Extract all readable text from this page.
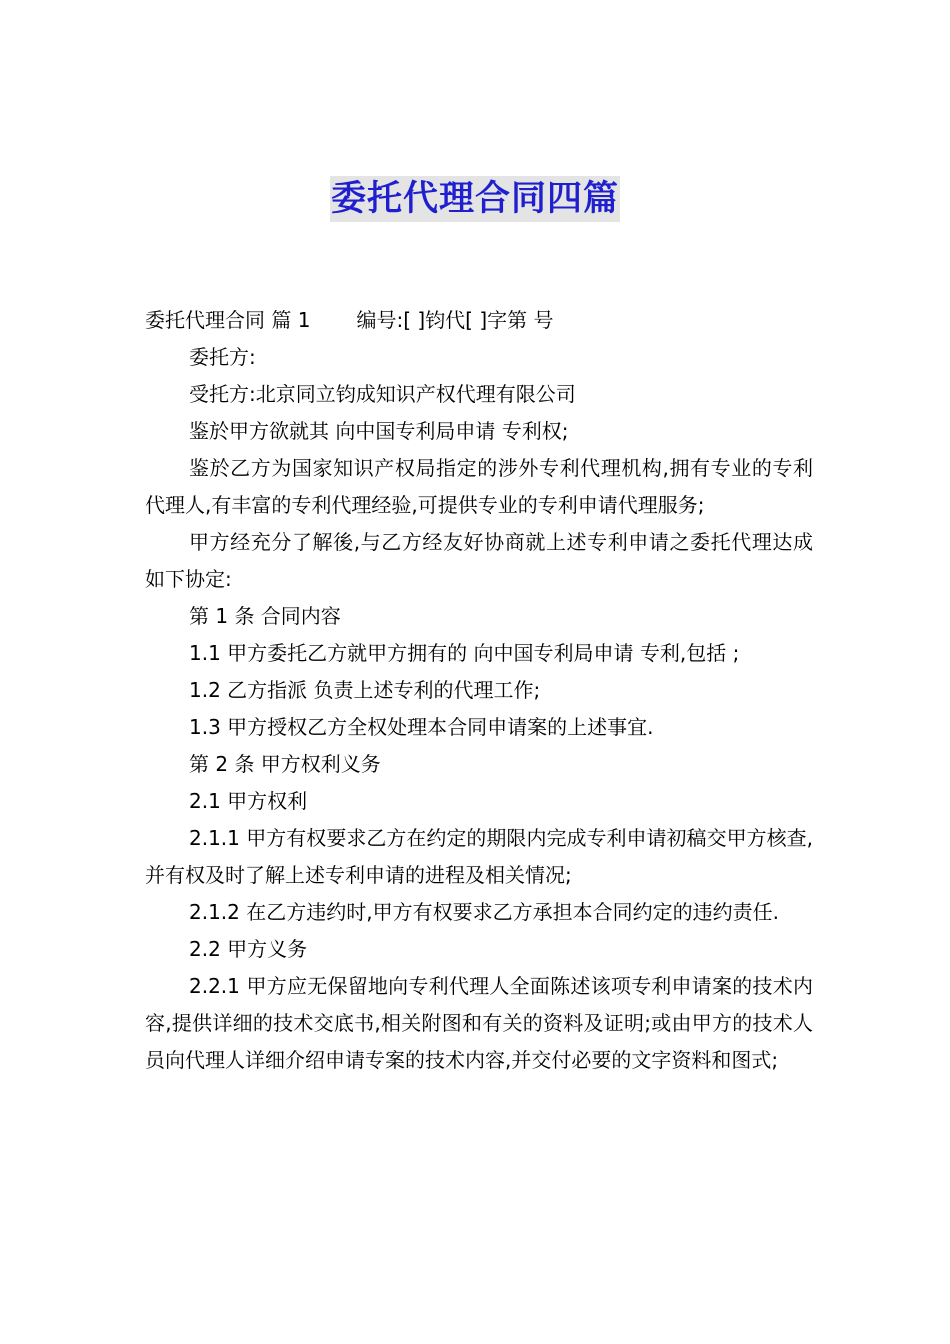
委托代理合同四篇

委托代理合同 篇 1 编号:[ ]钧代[ ]字第 号

委托方:

受托方:北京同立钧成知识产权代理有限公司

鉴於甲方欲就其 向中国专利局申请 专利权;

鉴於乙方为国家知识产权局指定的涉外专利代理机构,拥有专业的专利代理人,有丰富的专利代理经验,可提供专业的专利申请代理服务;

甲方经充分了解後,与乙方经友好协商就上述专利申请之委托代理达成如下协定:

第 1 条 合同内容

1.1 甲方委托乙方就甲方拥有的 向中国专利局申请 专利,包括 ;

1.2 乙方指派 负责上述专利的代理工作;

1.3 甲方授权乙方全权处理本合同申请案的上述事宜.

第 2 条 甲方权利义务

2.1 甲方权利

2.1.1 甲方有权要求乙方在约定的期限内完成专利申请初稿交甲方核查,并有权及时了解上述专利申请的进程及相关情况;

2.1.2 在乙方违约时,甲方有权要求乙方承担本合同约定的违约责任.

2.2 甲方义务

2.2.1 甲方应无保留地向专利代理人全面陈述该项专利申请案的技术内容,提供详细的技术交底书,相关附图和有关的资料及证明;或由甲方的技术人员向代理人详细介绍申请专案的技术内容,并交付必要的文字资料和图式;
